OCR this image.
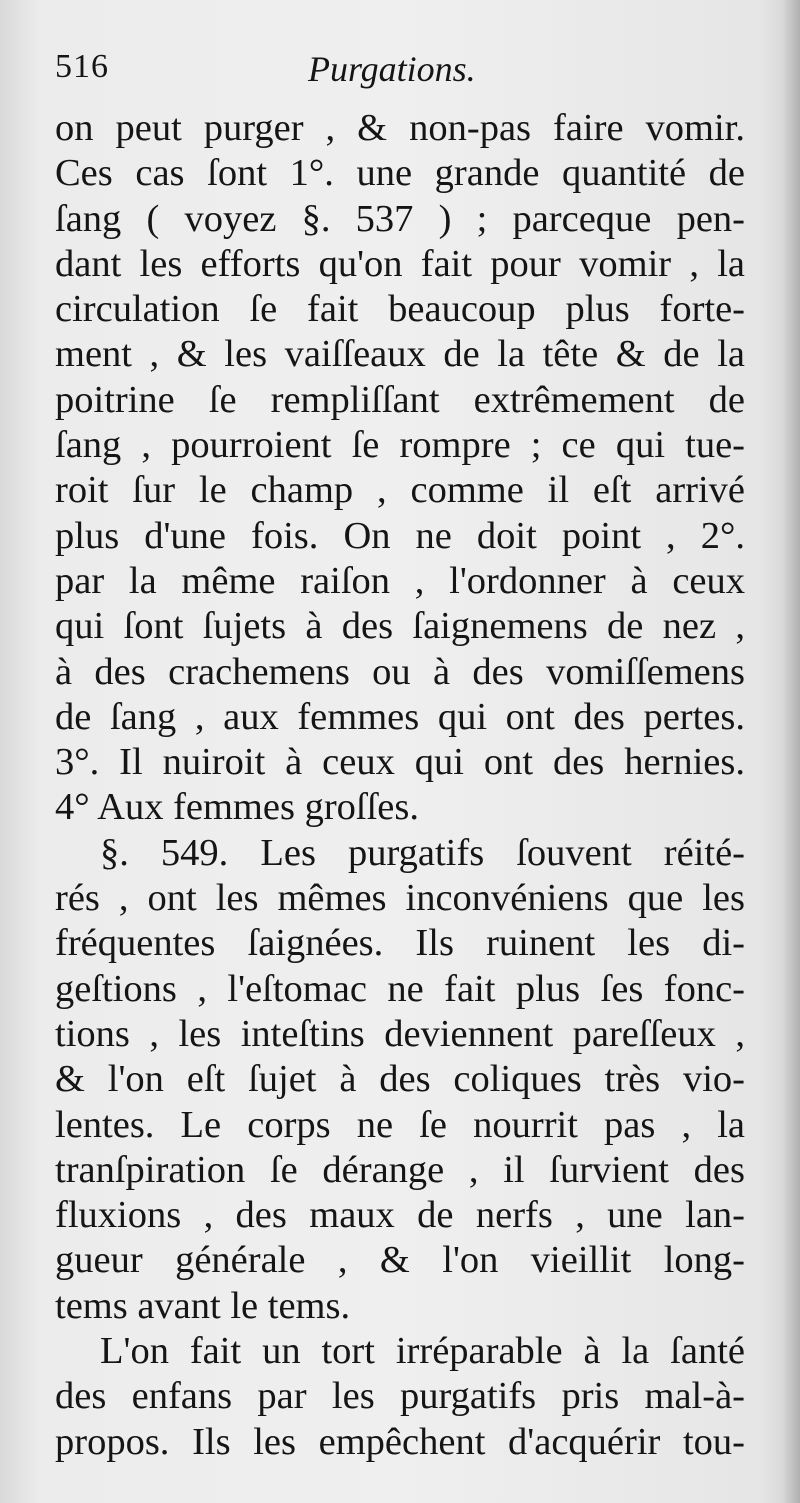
516	Purgations.
on peut purger , & non-pas faire vomir.
Ces cas ſont 1°. une grande quantité de
ſang ( voyez §. 537 ) ; parceque pen-
dant les efforts qu'on fait pour vomir , la
circulation ſe fait beaucoup plus forte-
ment , & les vaiſſeaux de la tête & de la
poitrine ſe rempliſſant extrêmement de
ſang , pourroient ſe rompre ; ce qui tue-
roit ſur le champ , comme il eſt arrivé
plus d'une fois. On ne doit point , 2°.
par la même raiſon , l'ordonner à ceux
qui ſont ſujets à des ſaignemens de nez ,
à des crachemens ou à des vomiſſemens
de ſang , aux femmes qui ont des pertes.
3°. Il nuiroit à ceux qui ont des hernies.
4° Aux femmes groſſes.
§. 549. Les purgatifs ſouvent réité-
rés , ont les mêmes inconvéniens que les
fréquentes ſaignées. Ils ruinent les di-
geſtions , l'eſtomac ne fait plus ſes fonc-
tions , les inteſtins deviennent pareſſeux ,
& l'on eſt ſujet à des coliques très vio-
lentes. Le corps ne ſe nourrit pas , la
tranſpiration ſe dérange , il ſurvient des
fluxions , des maux de nerfs , une lan-
gueur générale , & l'on vieillit long-
tems avant le tems.
L'on fait un tort irréparable à la ſanté
des enfans par les purgatifs pris mal-à-
propos. Ils les empêchent d'acquérir tou-
